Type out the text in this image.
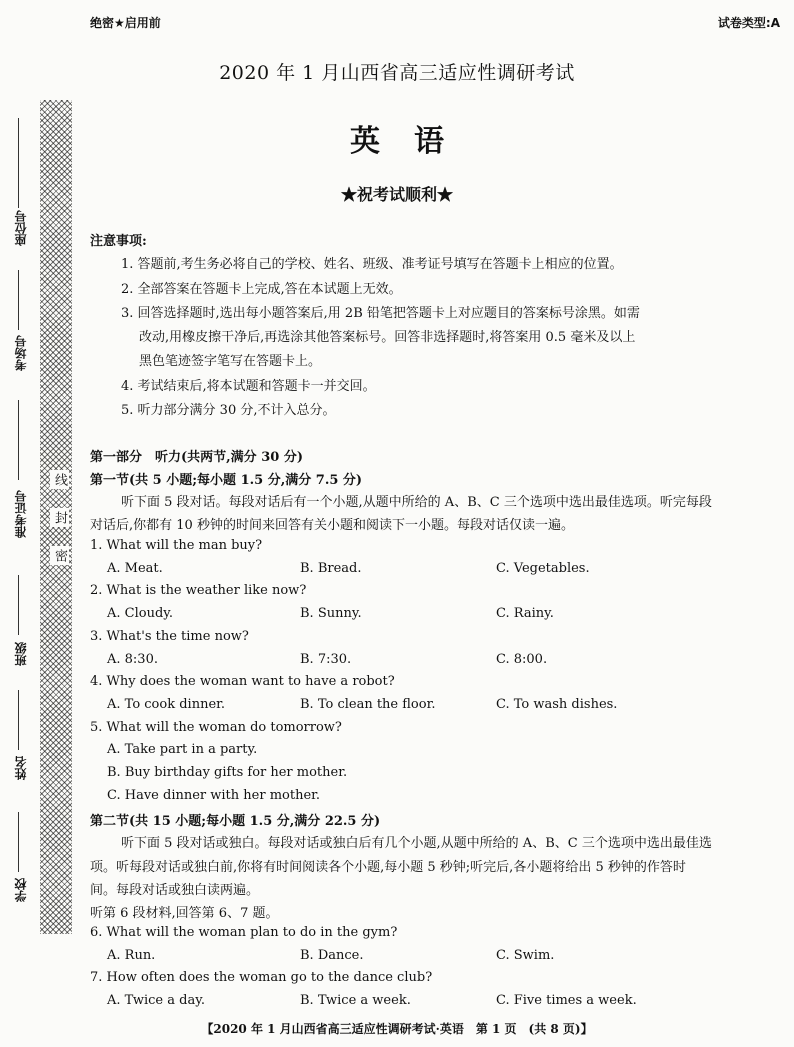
绝密★启用前	试卷类型:A
2020 年 1 月山西省高三适应性调研考试
英语
★祝考试顺利★
线
封
密
座位号
考场号
准考证号
班级
姓名
学校
注意事项:
1. 答题前,考生务必将自己的学校、姓名、班级、准考证号填写在答题卡上相应的位置。
2. 全部答案在答题卡上完成,答在本试题上无效。
3. 回答选择题时,选出每小题答案后,用 2B 铅笔把答题卡上对应题目的答案标号涂黑。如需
改动,用橡皮擦干净后,再选涂其他答案标号。回答非选择题时,将答案用 0.5 毫米及以上
黑色笔迹签字笔写在答题卡上。
4. 考试结束后,将本试题和答题卡一并交回。
5. 听力部分满分 30 分,不计入总分。
第一部分　听力(共两节,满分 30 分)
第一节(共 5 小题;每小题 1.5 分,满分 7.5 分)
听下面 5 段对话。每段对话后有一个小题,从题中所给的 A、B、C 三个选项中选出最佳选项。听完每段
对话后,你都有 10 秒钟的时间来回答有关小题和阅读下一小题。每段对话仅读一遍。
1. What will the man buy?
A. Meat.	B. Bread.	C. Vegetables.
2. What is the weather like now?
A. Cloudy.	B. Sunny.	C. Rainy.
3. What's the time now?
A. 8:30.	B. 7:30.	C. 8:00.
4. Why does the woman want to have a robot?
A. To cook dinner.	B. To clean the floor.	C. To wash dishes.
5. What will the woman do tomorrow?
A. Take part in a party.
B. Buy birthday gifts for her mother.
C. Have dinner with her mother.
第二节(共 15 小题;每小题 1.5 分,满分 22.5 分)
听下面 5 段对话或独白。每段对话或独白后有几个小题,从题中所给的 A、B、C 三个选项中选出最佳选
项。听每段对话或独白前,你将有时间阅读各个小题,每小题 5 秒钟;听完后,各小题将给出 5 秒钟的作答时
间。每段对话或独白读两遍。
听第 6 段材料,回答第 6、7 题。
6. What will the woman plan to do in the gym?
A. Run.	B. Dance.	C. Swim.
7. How often does the woman go to the dance club?
A. Twice a day.	B. Twice a week.	C. Five times a week.
【2020 年 1 月山西省高三适应性调研考试·英语　第 1 页　(共 8 页)】
